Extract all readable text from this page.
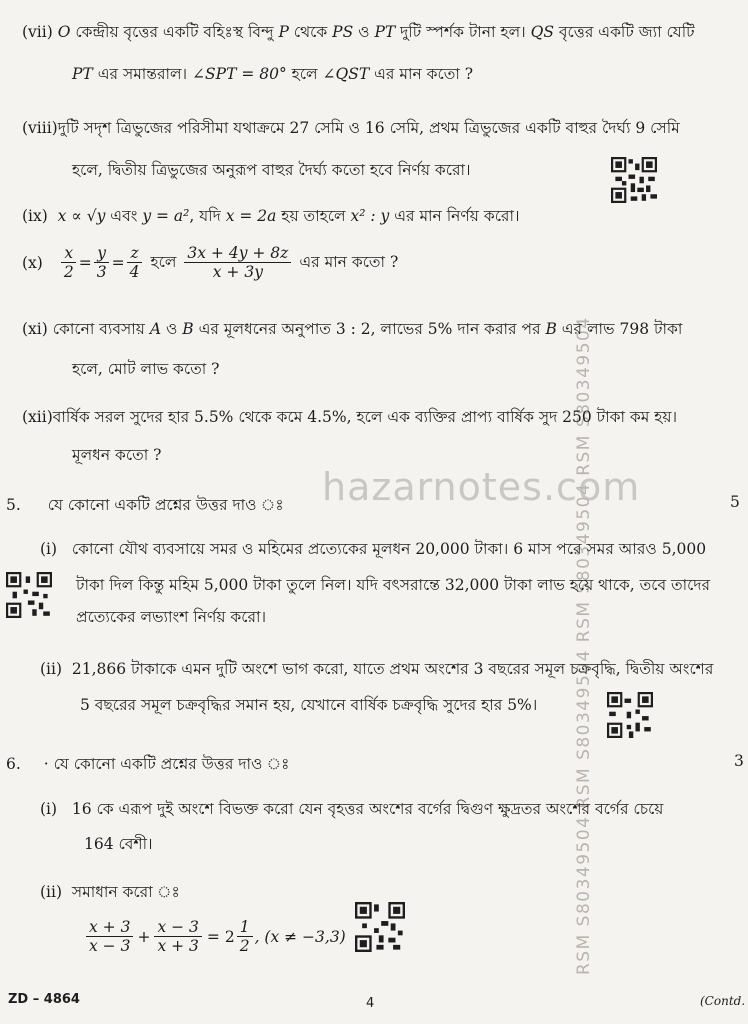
hazarnotes.com
RSM S80349504 RSM S80349504 RSM S80349504 RSM S80349504
(vii) O কেন্দ্রীয় বৃত্তের একটি বহিঃস্থ বিন্দু P থেকে PS ও PT দুটি স্পর্শক টানা হল। QS বৃত্তের একটি জ্যা যেটি
PT এর সমান্তরাল। ∠SPT = 80° হলে ∠QST এর মান কতো ?
(viii)দুটি সদৃশ ত্রিভুজের পরিসীমা যথাক্রমে 27 সেমি ও 16 সেমি, প্রথম ত্রিভুজের একটি বাহুর দৈর্ঘ্য 9 সেমি
হলে, দ্বিতীয় ত্রিভুজের অনুরূপ বাহুর দৈর্ঘ্য কতো হবে নির্ণয় করো।
(ix) x ∝ √y এবং y = a², যদি x = 2a হয় তাহলে x² : y এর মান নির্ণয় করো।
$(x) \frac{x}{2} = \frac{y}{3} = \frac{z}{4}$ হলে $\frac{3x + 4y + 8z}{x + 3y}$ এর মান কতো ?
(xi) কোনো ব্যবসায় A ও B এর মূলধনের অনুপাত 3 : 2, লাভের 5% দান করার পর B এর লাভ 798 টাকা
হলে, মোট লাভ কতো ?
(xii)বার্ষিক সরল সুদের হার 5.5% থেকে কমে 4.5%, হলে এক ব্যক্তির প্রাপ্য বার্ষিক সুদ 250 টাকা কম হয়।
মূলধন কতো ?
5. যে কোনো একটি প্রশ্নের উত্তর দাও ঃ	5
(i) কোনো যৌথ ব্যবসায়ে সমর ও মহিমের প্রত্যেকের মূলধন 20,000 টাকা। 6 মাস পরে সমর আরও 5,000
টাকা দিল কিন্তু মহিম 5,000 টাকা তুলে নিল। যদি বৎসরান্তে 32,000 টাকা লাভ হয়ে থাকে, তবে তাদের
প্রত্যেকের লভ্যাংশ নির্ণয় করো।
(ii) 21,866 টাকাকে এমন দুটি অংশে ভাগ করো, যাতে প্রথম অংশের 3 বছরের সমূল চক্রবৃদ্ধি, দ্বিতীয় অংশের
5 বছরের সমূল চক্রবৃদ্ধির সমান হয়, যেখানে বার্ষিক চক্রবৃদ্ধি সুদের হার 5%।
6. · যে কোনো একটি প্রশ্নের উত্তর দাও ঃ	3
(i) 16 কে এরূপ দুই অংশে বিভক্ত করো যেন বৃহত্তর অংশের বর্গের দ্বিগুণ ক্ষুদ্রতর অংশের বর্গের চেয়ে
164 বেশী।
(ii) সমাধান করো ঃ
$\frac{x + 3}{x - 3} + \frac{x - 3}{x + 3} = 2 \frac{1}{2}$ , (x ≠ −3,3)
ZD – 4864	4	(Contd.
